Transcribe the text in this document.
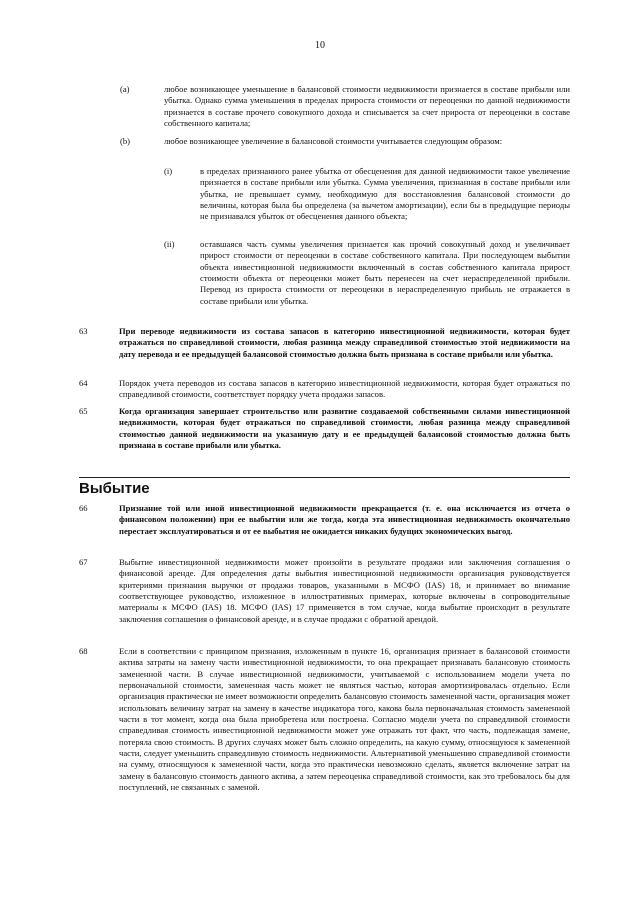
10
(a)	любое возникающее уменьшение в балансовой стоимости недвижимости признается в составе прибыли или убытка. Однако сумма уменьшения в пределах прироста стоимости от переоценки по данной недвижимости признается в составе прочего совокупного дохода и списывается за счет прироста от переоценки в составе собственного капитала;
(b)	любое возникающее увеличение в балансовой стоимости учитывается следующим образом:
(i)	в пределах признанного ранее убытка от обесценения для данной недвижимости такое увеличение признается в составе прибыли или убытка. Сумма увеличения, признанная в составе прибыли или убытка, не превышает сумму, необходимую для восстановления балансовой стоимости до величины, которая была бы определена (за вычетом амортизации), если бы в предыдущие периоды не признавался убыток от обесценения данного объекта;
(ii)	оставшаяся часть суммы увеличения признается как прочий совокупный доход и увеличивает прирост стоимости от переоценки в составе собственного капитала. При последующем выбытии объекта инвестиционной недвижимости включенный в состав собственного капитала прирост стоимости объекта от переоценки может быть перенесен на счет нераспределенной прибыли. Перевод из прироста стоимости от переоценки в нераспределенную прибыль не отражается в составе прибыли или убытка.
63	При переводе недвижимости из состава запасов в категорию инвестиционной недвижимости, которая будет отражаться по справедливой стоимости, любая разница между справедливой стоимостью этой недвижимости на дату перевода и ее предыдущей балансовой стоимостью должна быть признана в составе прибыли или убытка.
64	Порядок учета переводов из состава запасов в категорию инвестиционной недвижимости, которая будет отражаться по справедливой стоимости, соответствует порядку учета продажи запасов.
65	Когда организация завершает строительство или развитие создаваемой собственными силами инвестиционной недвижимости, которая будет отражаться по справедливой стоимости, любая разница между справедливой стоимостью данной недвижимости на указанную дату и ее предыдущей балансовой стоимостью должна быть признана в составе прибыли или убытка.
Выбытие
66	Признание той или иной инвестиционной недвижимости прекращается (т. е. она исключается из отчета о финансовом положении) при ее выбытии или же тогда, когда эта инвестиционная недвижимость окончательно перестает эксплуатироваться и от ее выбытия не ожидается никаких будущих экономических выгод.
67	Выбытие инвестиционной недвижимости может произойти в результате продажи или заключения соглашения о финансовой аренде. Для определения даты выбытия инвестиционной недвижимости организация руководствуется критериями признания выручки от продажи товаров, указанными в МСФО (IAS) 18, и принимает во внимание соответствующее руководство, изложенное в иллюстративных примерах, которые включены в сопроводительные материалы к МСФО (IAS) 18. МСФО (IAS) 17 применяется в том случае, когда выбытие происходит в результате заключения соглашения о финансовой аренде, и в случае продажи с обратной арендой.
68	Если в соответствии с принципом признания, изложенным в пункте 16, организация признает в балансовой стоимости актива затраты на замену части инвестиционной недвижимости, то она прекращает признавать балансовую стоимость замененной части. В случае инвестиционной недвижимости, учитываемой с использованием модели учета по первоначальной стоимости, замененная часть может не являться частью, которая амортизировалась отдельно. Если организация практически не имеет возможности определить балансовую стоимость замененной части, организация может использовать величину затрат на замену в качестве индикатора того, какова была первоначальная стоимость замененной части в тот момент, когда она была приобретена или построена. Согласно модели учета по справедливой стоимости справедливая стоимость инвестиционной недвижимости может уже отражать тот факт, что часть, подлежащая замене, потеряла свою стоимость. В других случаях может быть сложно определить, на какую сумму, относящуюся к замененной части, следует уменьшить справедливую стоимость недвижимости. Альтернативой уменьшению справедливой стоимости на сумму, относящуюся к замененной части, когда это практически невозможно сделать, является включение затрат на замену в балансовую стоимость данного актива, а затем переоценка справедливой стоимости, как это требовалось бы для поступлений, не связанных с заменой.
